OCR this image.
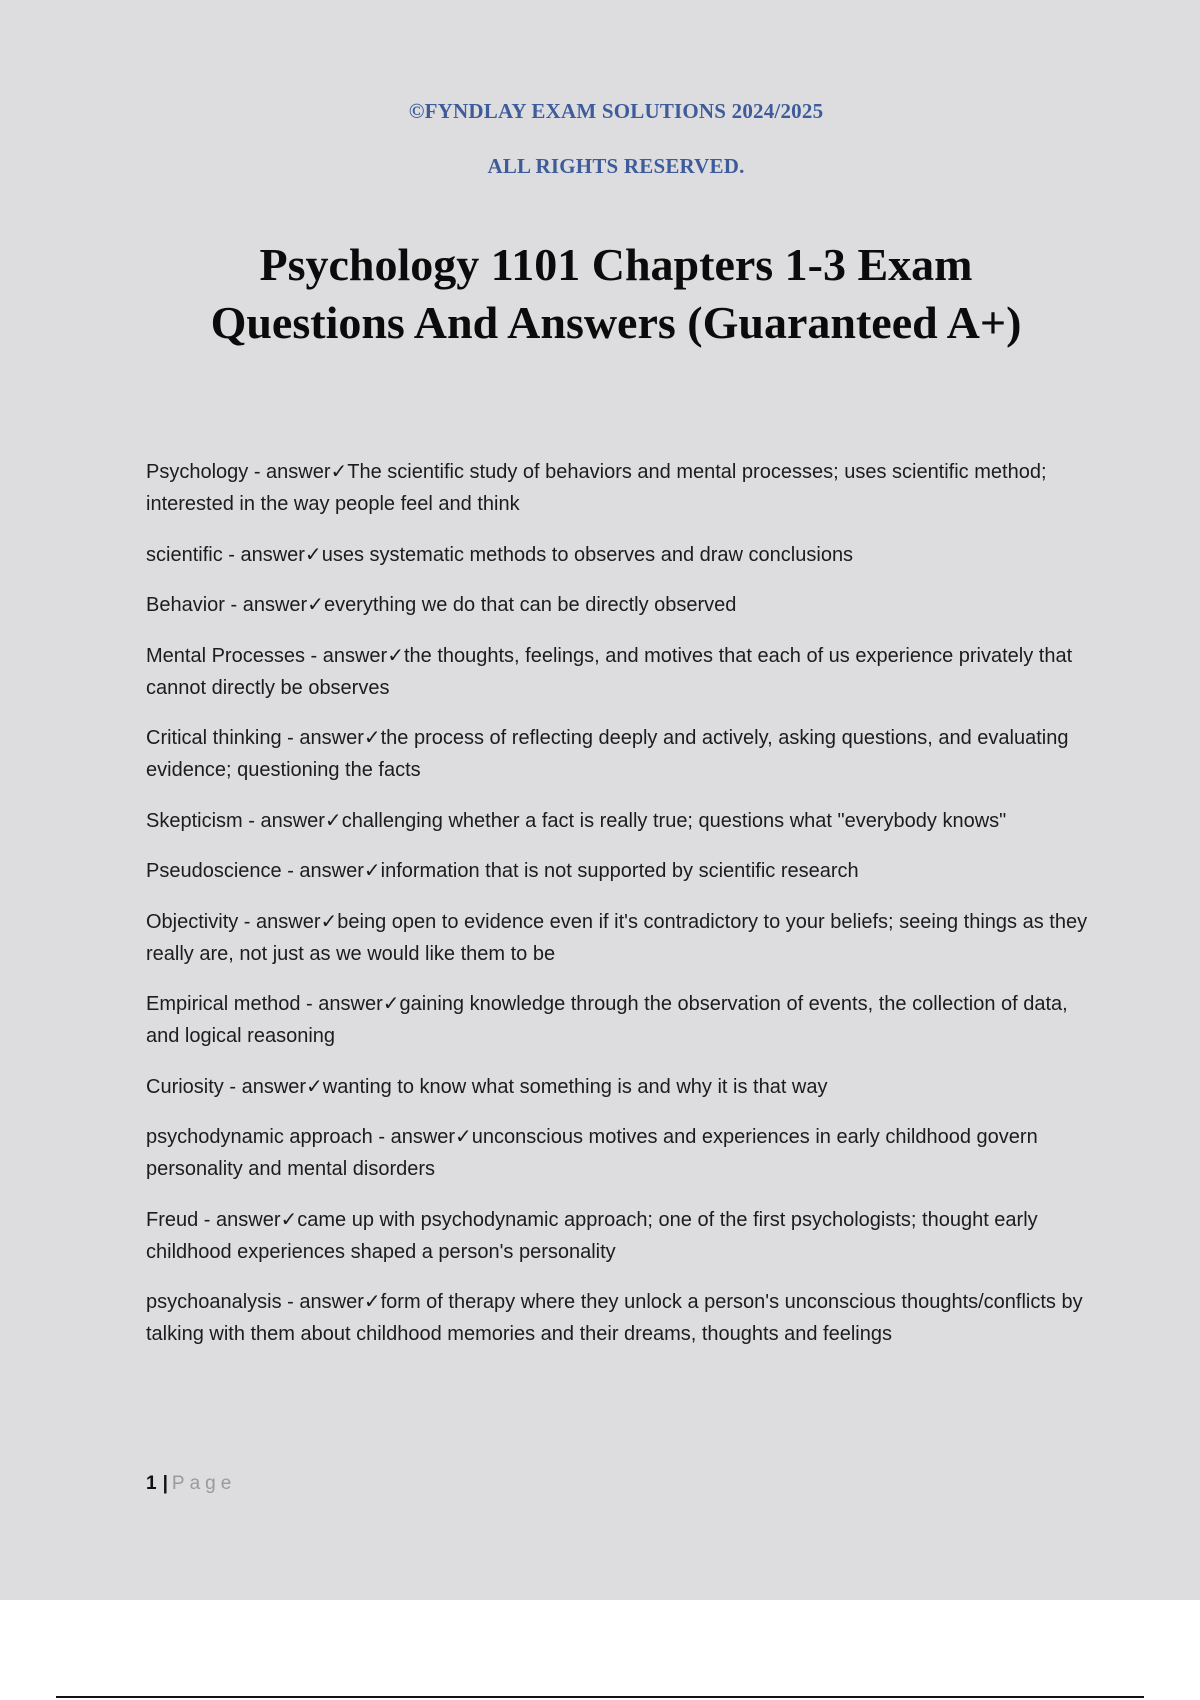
©FYNDLAY EXAM SOLUTIONS 2024/2025
ALL RIGHTS RESERVED.
Psychology 1101 Chapters 1-3 Exam
Questions And Answers (Guaranteed A+)
Psychology - answer✓The scientific study of behaviors and mental processes; uses scientific method; interested in the way people feel and think
scientific - answer✓uses systematic methods to observes and draw conclusions
Behavior - answer✓everything we do that can be directly observed
Mental Processes - answer✓the thoughts, feelings, and motives that each of us experience privately that cannot directly be observes
Critical thinking - answer✓the process of reflecting deeply and actively, asking questions, and evaluating evidence; questioning the facts
Skepticism - answer✓challenging whether a fact is really true; questions what "everybody knows"
Pseudoscience - answer✓information that is not supported by scientific research
Objectivity - answer✓being open to evidence even if it's contradictory to your beliefs; seeing things as they really are, not just as we would like them to be
Empirical method - answer✓gaining knowledge through the observation of events, the collection of data, and logical reasoning
Curiosity - answer✓wanting to know what something is and why it is that way
psychodynamic approach - answer✓unconscious motives and experiences in early childhood govern personality and mental disorders
Freud - answer✓came up with psychodynamic approach; one of the first psychologists; thought early childhood experiences shaped a person's personality
psychoanalysis - answer✓form of therapy where they unlock a person's unconscious thoughts/conflicts by talking with them about childhood memories and their dreams, thoughts and feelings
1 | Page
